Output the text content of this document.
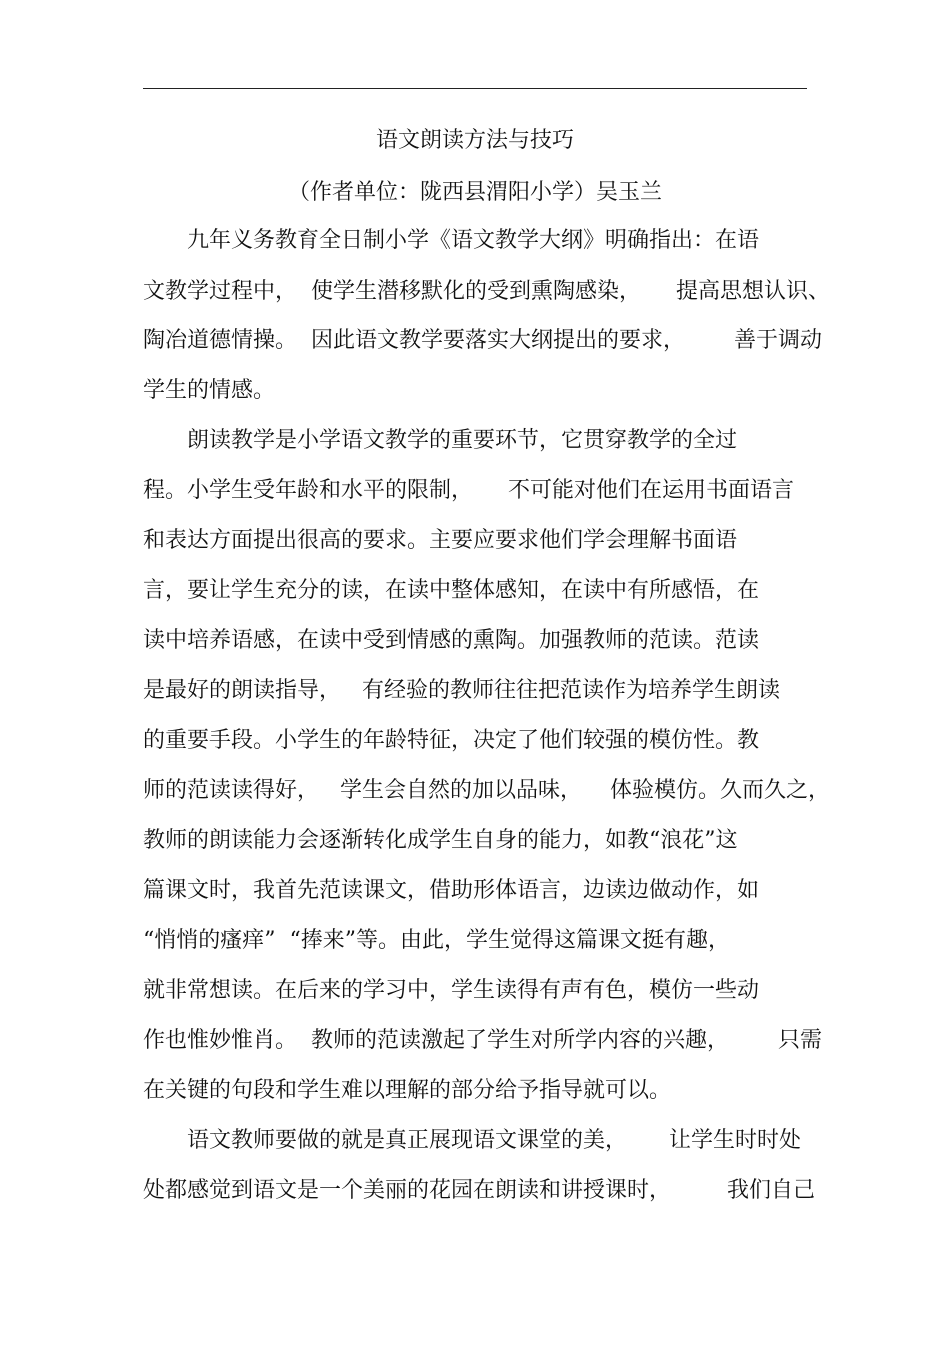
语文朗读方法与技巧
（作者单位：陇西县渭阳小学）吴玉兰
　　九年义务教育全日制小学《语文教学大纲》明确指出：在语
文教学过程中，  使学生潜移默化的受到熏陶感染，     提高思想认识、
陶冶道德情操。  因此语文教学要落实大纲提出的要求，       善于调动
学生的情感。
　　朗读教学是小学语文教学的重要环节，它贯穿教学的全过
程。小学生受年龄和水平的限制，     不可能对他们在运用书面语言
和表达方面提出很高的要求。主要应要求他们学会理解书面语
言，要让学生充分的读，在读中整体感知，在读中有所感悟，在
读中培养语感，在读中受到情感的熏陶。加强教师的范读。范读
是最好的朗读指导，   有经验的教师往往把范读作为培养学生朗读
的重要手段。小学生的年龄特征，决定了他们较强的模仿性。教
师的范读读得好，   学生会自然的加以品味，    体验模仿。久而久之，
教师的朗读能力会逐渐转化成学生自身的能力，如教“浪花”这
篇课文时，我首先范读课文，借助形体语言，边读边做动作，如
“悄悄的瘙痒”  “捧来”等。由此，学生觉得这篇课文挺有趣，
就非常想读。在后来的学习中，学生读得有声有色，模仿一些动
作也惟妙惟肖。  教师的范读激起了学生对所学内容的兴趣，       只需
在关键的句段和学生难以理解的部分给予指导就可以。
　　语文教师要做的就是真正展现语文课堂的美，      让学生时时处
处都感觉到语文是一个美丽的花园在朗读和讲授课时，        我们自己
